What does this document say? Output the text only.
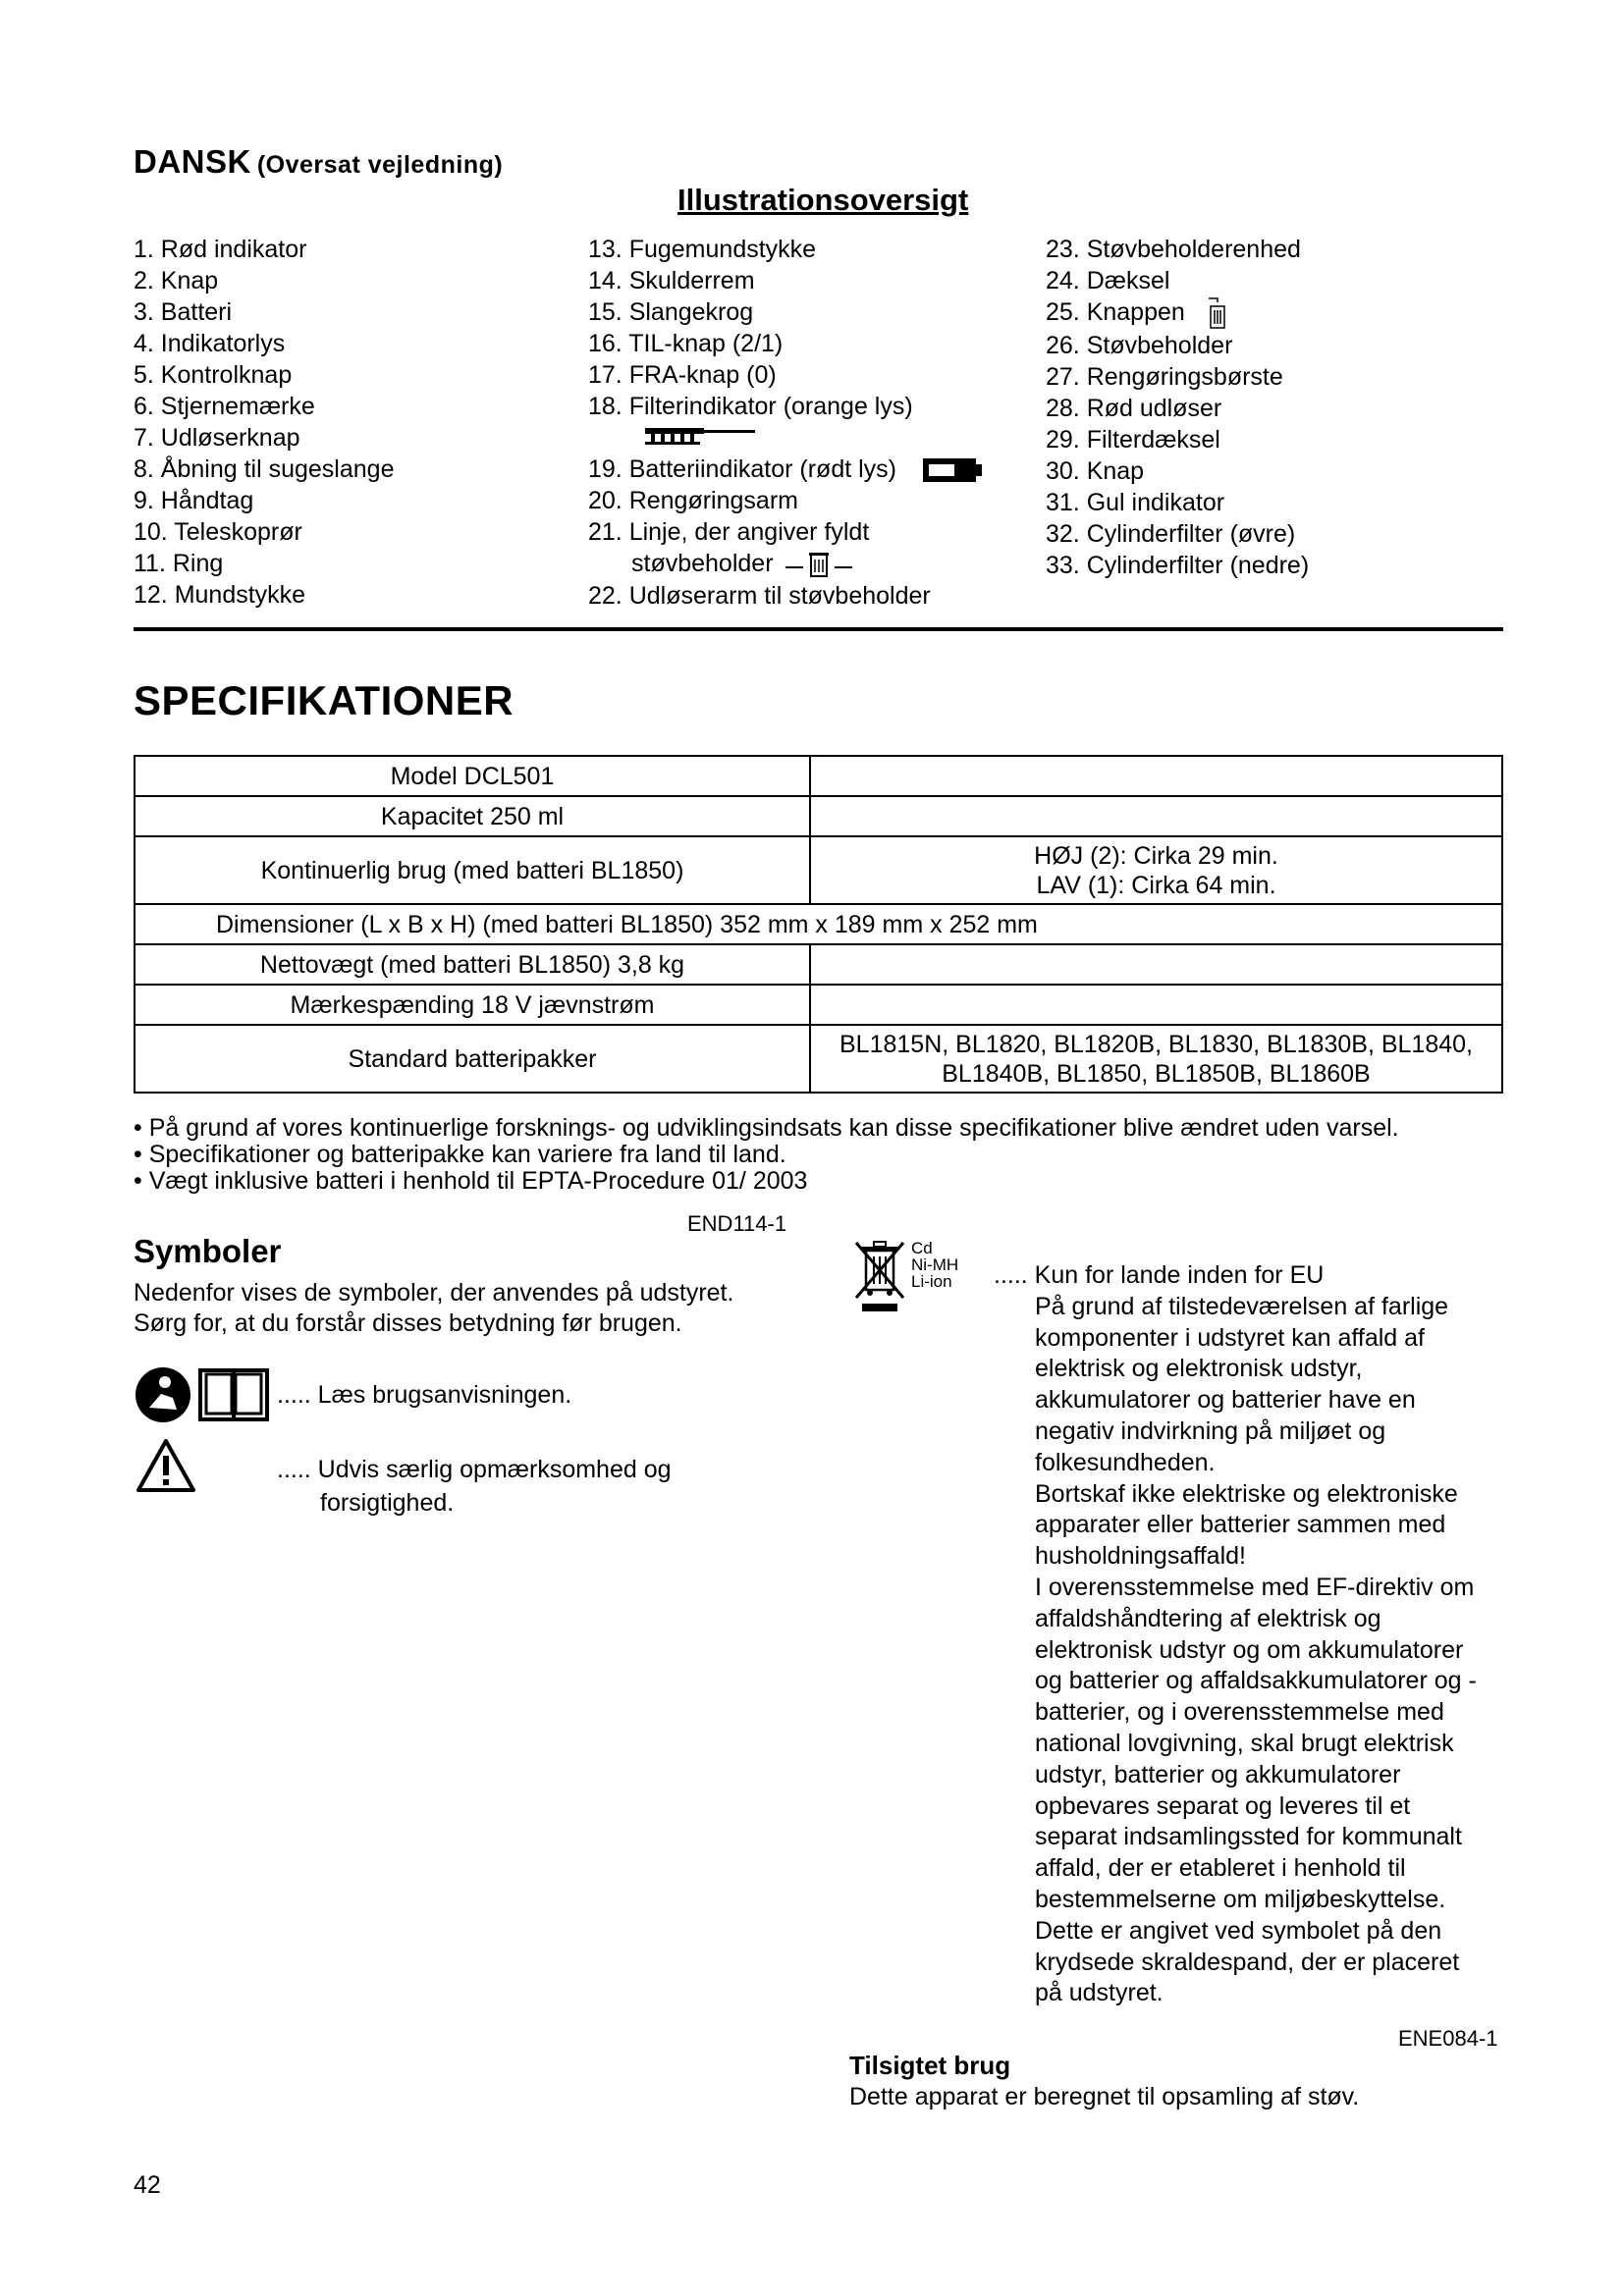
DANSK (Oversat vejledning)
Illustrationsoversigt
1. Rød indikator
2. Knap
3. Batteri
4. Indikatorlys
5. Kontrolknap
6. Stjernemærke
7. Udløserknap
8. Åbning til sugeslange
9. Håndtag
10. Teleskoprør
11. Ring
12. Mundstykke
13. Fugemundstykke
14. Skulderrem
15. Slangekrog
16. TIL-knap (2/1)
17. FRA-knap (0)
18. Filterindikator (orange lys)
19. Batteriindikator (rødt lys)
20. Rengøringsarm
21. Linje, der angiver fyldt
støvbeholder
22. Udløserarm til støvbeholder
23. Støvbeholderenhed
24. Dæksel
25. Knappen
26. Støvbeholder
27. Rengøringsbørste
28. Rød udløser
29. Filterdæksel
30. Knap
31. Gul indikator
32. Cylinderfilter (øvre)
33. Cylinderfilter (nedre)
SPECIFIKATIONER
Model DCL501	
Kapacitet 250 ml	
Kontinuerlig brug (med batteri BL1850)	HØJ (2): Cirka 29 min.
LAV (1): Cirka 64 min.

Dimensioner (L x B x H) (med batteri BL1850) 352 mm x 189 mm x 252 mm	
Nettovægt (med batteri BL1850) 3,8 kg	
Mærkespænding 18 V jævnstrøm	
Standard batteripakker	BL1815N, BL1820, BL1820B, BL1830, BL1830B, BL1840,
BL1840B, BL1850, BL1850B, BL1860B
• På grund af vores kontinuerlige forsknings- og udviklingsindsats kan disse specifikationer blive ændret uden varsel.
• Specifikationer og batteripakke kan variere fra land til land.
• Vægt inklusive batteri i henhold til EPTA-Procedure 01/ 2003
END114-1
Symboler
Nedenfor vises de symboler, der anvendes på udstyret.
Sørg for, at du forstår disses betydning før brugen.
..... Læs brugsanvisningen.
..... Udvis særlig opmærksomhed og
forsigtighed.
Cd
Ni-MH
Li-ion ..... Kun for lande inden for EU
På grund af tilstedeværelsen af farlige
komponenter i udstyret kan affald af
elektrisk og elektronisk udstyr,
akkumulatorer og batterier have en
negativ indvirkning på miljøet og
folkesundheden.
Bortskaf ikke elektriske og elektroniske
apparater eller batterier sammen med
husholdningsaffald!
I overensstemmelse med EF-direktiv om
affaldshåndtering af elektrisk og
elektronisk udstyr og om akkumulatorer
og batterier og affaldsakkumulatorer og -
batterier, og i overensstemmelse med
national lovgivning, skal brugt elektrisk
udstyr, batterier og akkumulatorer
opbevares separat og leveres til et
separat indsamlingssted for kommunalt
affald, der er etableret i henhold til
bestemmelserne om miljøbeskyttelse.
Dette er angivet ved symbolet på den
krydsede skraldespand, der er placeret
på udstyret.
ENE084-1
Tilsigtet brug
Dette apparat er beregnet til opsamling af støv.
42
